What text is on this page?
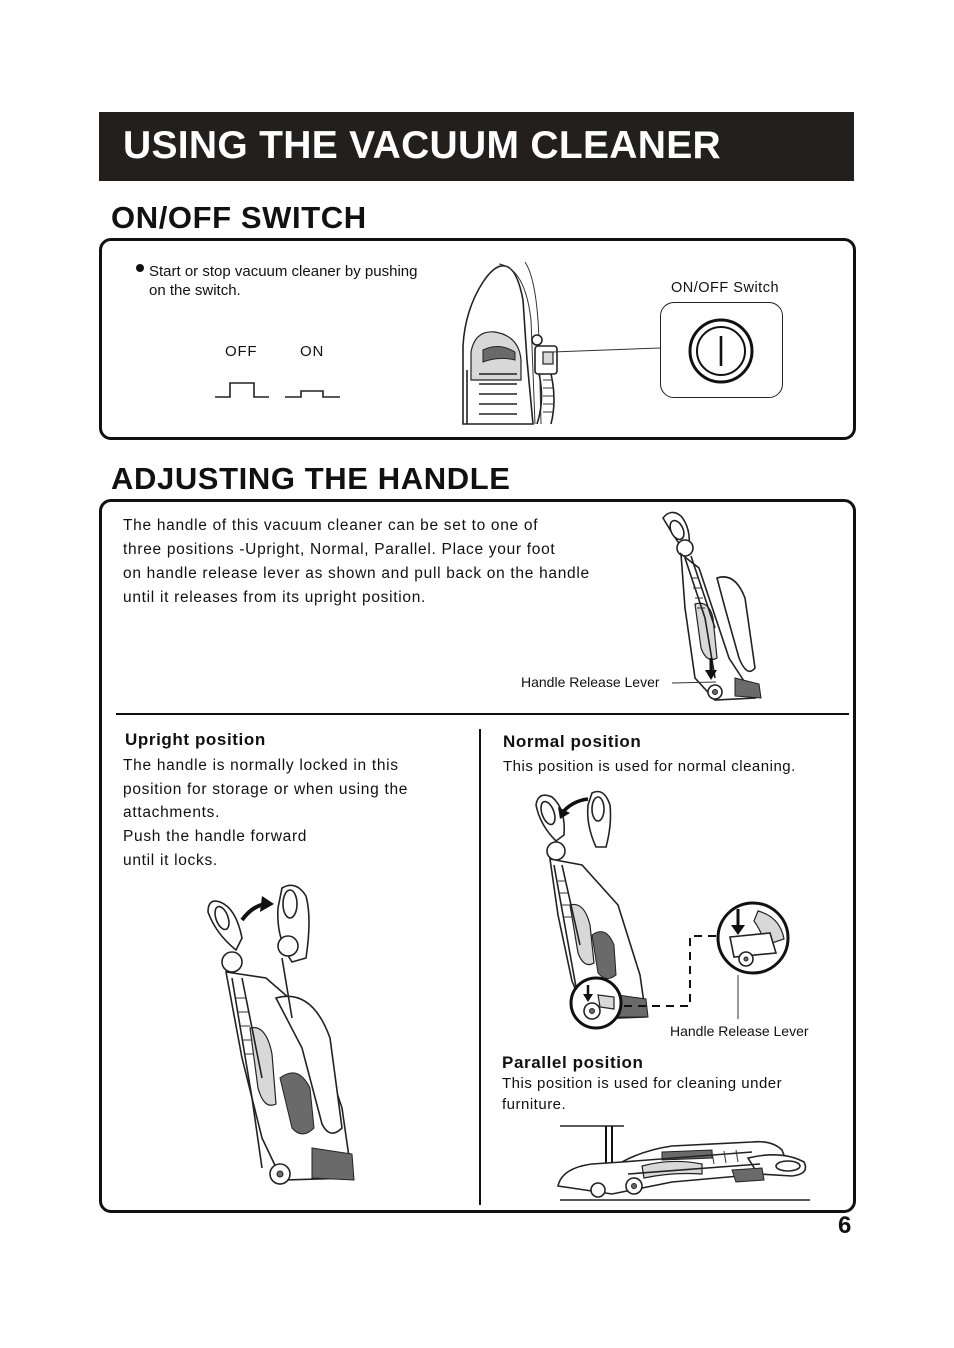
USING THE VACUUM CLEANER
ON/OFF SWITCH
Start or stop vacuum cleaner by pushing
on the switch.
OFF	ON
ON/OFF Switch
ADJUSTING THE HANDLE
The handle of this vacuum cleaner can be set to one of
three positions -Upright, Normal, Parallel. Place your foot
on handle release lever as shown and pull back on the handle
until it releases from its upright position.
Handle Release Lever
Upright position
The handle is normally locked in this
position for storage or when using the
attachments.
Push the handle forward
until it locks.
Normal position
This position is used for normal cleaning.
Handle Release Lever
Parallel position
This position is used for cleaning under
furniture.
6
